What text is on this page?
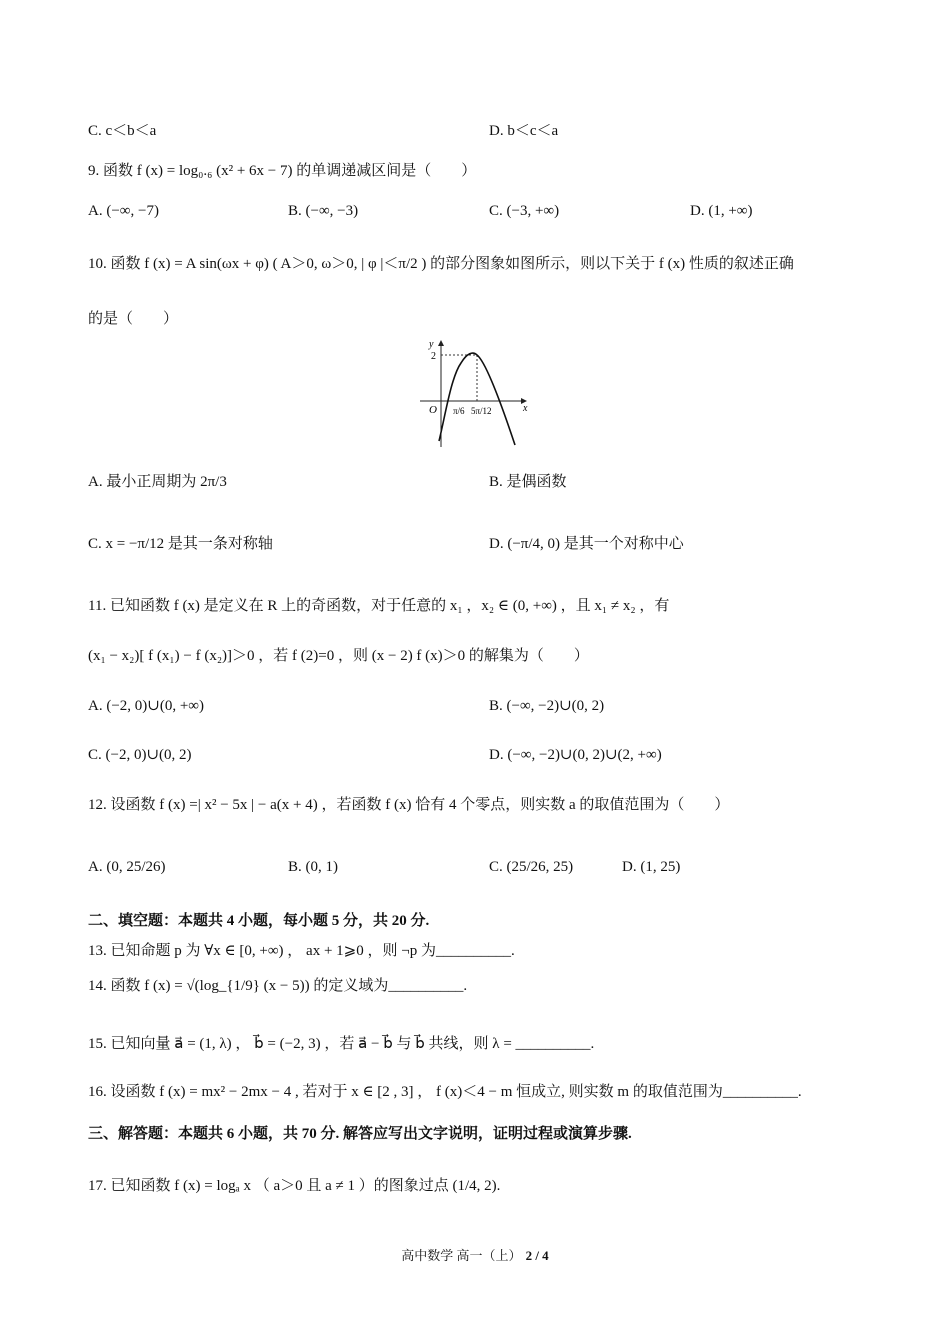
C. c＜b＜a	D. b＜c＜a
9. 函数 f (x) = log₀.₆ (x² + 6x − 7) 的单调递减区间是（　　）
A. (−∞, −7)	B. (−∞, −3)	C. (−3, +∞)	D. (1, +∞)
10. 函数 f (x) = A sin(ωx + φ) ( A＞0, ω＞0, | φ |＜π/2 ) 的部分图象如图所示，则以下关于 f (x) 性质的叙述正确
的是（　　）
y
x
O
2
π/6 5π/12
A. 最小正周期为 2π/3	B. 是偶函数
C. x = −π/12 是其一条对称轴	D. (−π/4, 0) 是其一个对称中心
11. 已知函数 f (x) 是定义在 R 上的奇函数，对于任意的 x₁ ，x₂ ∈ (0, +∞) ，且 x₁ ≠ x₂ ，有
(x₁ − x₂)[ f (x₁) − f (x₂)]＞0 ，若 f (2)=0 ，则 (x − 2) f (x)＞0 的解集为（　　）
A. (−2, 0)∪(0, +∞)	B. (−∞, −2)∪(0, 2)
C. (−2, 0)∪(0, 2)	D. (−∞, −2)∪(0, 2)∪(2, +∞)
12. 设函数 f (x) =| x² − 5x | − a(x + 4) ，若函数 f (x) 恰有 4 个零点，则实数 a 的取值范围为（　　）
A. (0, 25/26)	B. (0, 1)	C. (25/26, 25)	D. (1, 25)
二、填空题：本题共 4 小题，每小题 5 分，共 20 分.
13. 已知命题 p 为 ∀x ∈ [0, +∞) ， ax + 1⩾0 ，则 ¬p 为__________.
14. 函数 f (x) = √(log_{1/9} (x − 5)) 的定义域为__________.
15. 已知向量 a⃗ = (1, λ) ， b⃗ = (−2, 3) ，若 a⃗ − b⃗ 与 b⃗ 共线，则 λ = __________.
16. 设函数 f (x) = mx² − 2mx − 4 , 若对于 x ∈ [2 , 3] ， f (x)＜4 − m 恒成立, 则实数 m 的取值范围为__________.
三、解答题：本题共 6 小题，共 70 分. 解答应写出文字说明，证明过程或演算步骤.
17. 已知函数 f (x) = logₐ x （ a＞0 且 a ≠ 1 ）的图象过点 (1/4, 2).
高中数学 高一（上） 2 / 4
